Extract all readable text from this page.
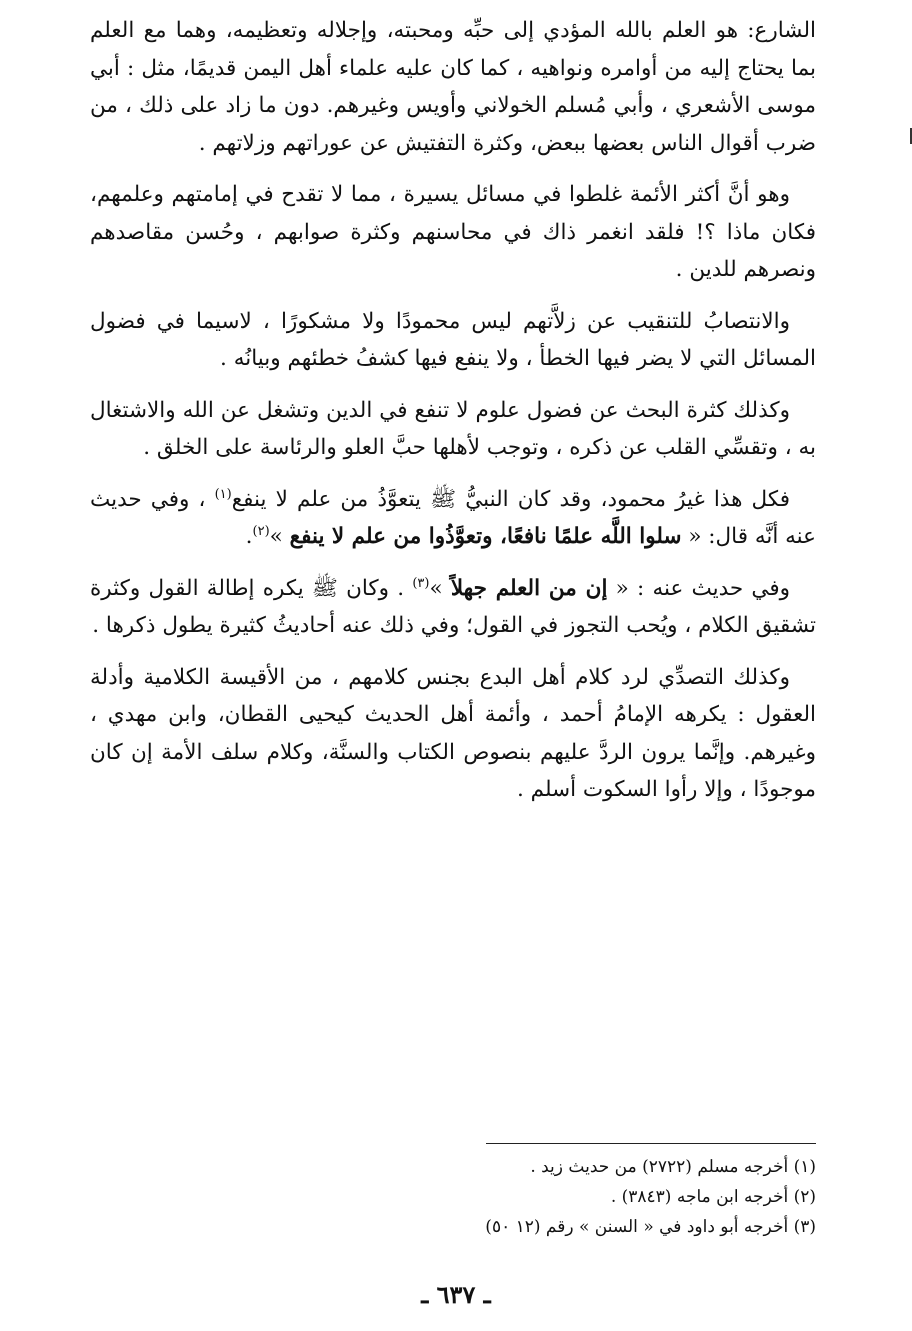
الشارع: هو العلم بالله المؤدي إلى حبِّه ومحبته، وإجلاله وتعظيمه، وهما مع العلم بما يحتاج إليه من أوامره ونواهيه ، كما كان عليه علماء أهل اليمن قديمًا، مثل : أبي موسى الأشعري ، وأبي مُسلم الخولاني وأويس وغيرهم. دون ما زاد على ذلك ، من ضرب أقوال الناس بعضها ببعض، وكثرة التفتيش عن عوراتهم وزلاتهم .

وهو أنَّ أكثر الأئمة غلطوا في مسائل يسيرة ، مما لا تقدح في إمامتهم وعلمهم، فكان ماذا ؟! فلقد انغمر ذاك في محاسنهم وكثرة صوابهم ، وحُسن مقاصدهم ونصرهم للدين .

والانتصابُ للتنقيب عن زلاَّتهم ليس محمودًا ولا مشكورًا ، لاسيما في فضول المسائل التي لا يضر فيها الخطأ ، ولا ينفع فيها كشفُ خطئهم وبيانُه .

وكذلك كثرة البحث عن فضول علوم لا تنفع في الدين وتشغل عن الله والاشتغال به ، وتقسِّي القلب عن ذكره ، وتوجب لأهلها حبَّ العلو والرئاسة على الخلق .

فكل هذا غيرُ محمود، وقد كان النبيُّ ﷺ يتعوَّذُ من علم لا ينفع$^{(١)}$ ، وفي حديث عنه أنَّه قال: « سلوا اللَّه علمًا نافعًا، وتعوَّذُوا من علم لا ينفع »$^{(٢)}$.

وفي حديث عنه : « إن من العلم جهلاً »$^{(٣)}$ . وكان ﷺ يكره إطالة القول وكثرة تشقيق الكلام ، ويُحب التجوز في القول؛ وفي ذلك عنه أحاديثُ كثيرة يطول ذكرها .

وكذلك التصدِّي لرد كلام أهل البدع بجنس كلامهم ، من الأقيسة الكلامية وأدلة العقول : يكرهه الإمامُ أحمد ، وأئمة أهل الحديث كيحيى القطان، وابن مهدي ، وغيرهم. وإنَّما يرون الردَّ عليهم بنصوص الكتاب والسنَّة، وكلام سلف الأمة إن كان موجودًا ، وإلا رأوا السكوت أسلم .

(١) أخرجه مسلم (٢٧٢٢) من حديث زيد .
(٢) أخرجه ابن ماجه (٣٨٤٣) .
(٣) أخرجه أبو داود في « السنن » رقم (١٢ ٥٠)
ـ ٦٣٧ ـ
